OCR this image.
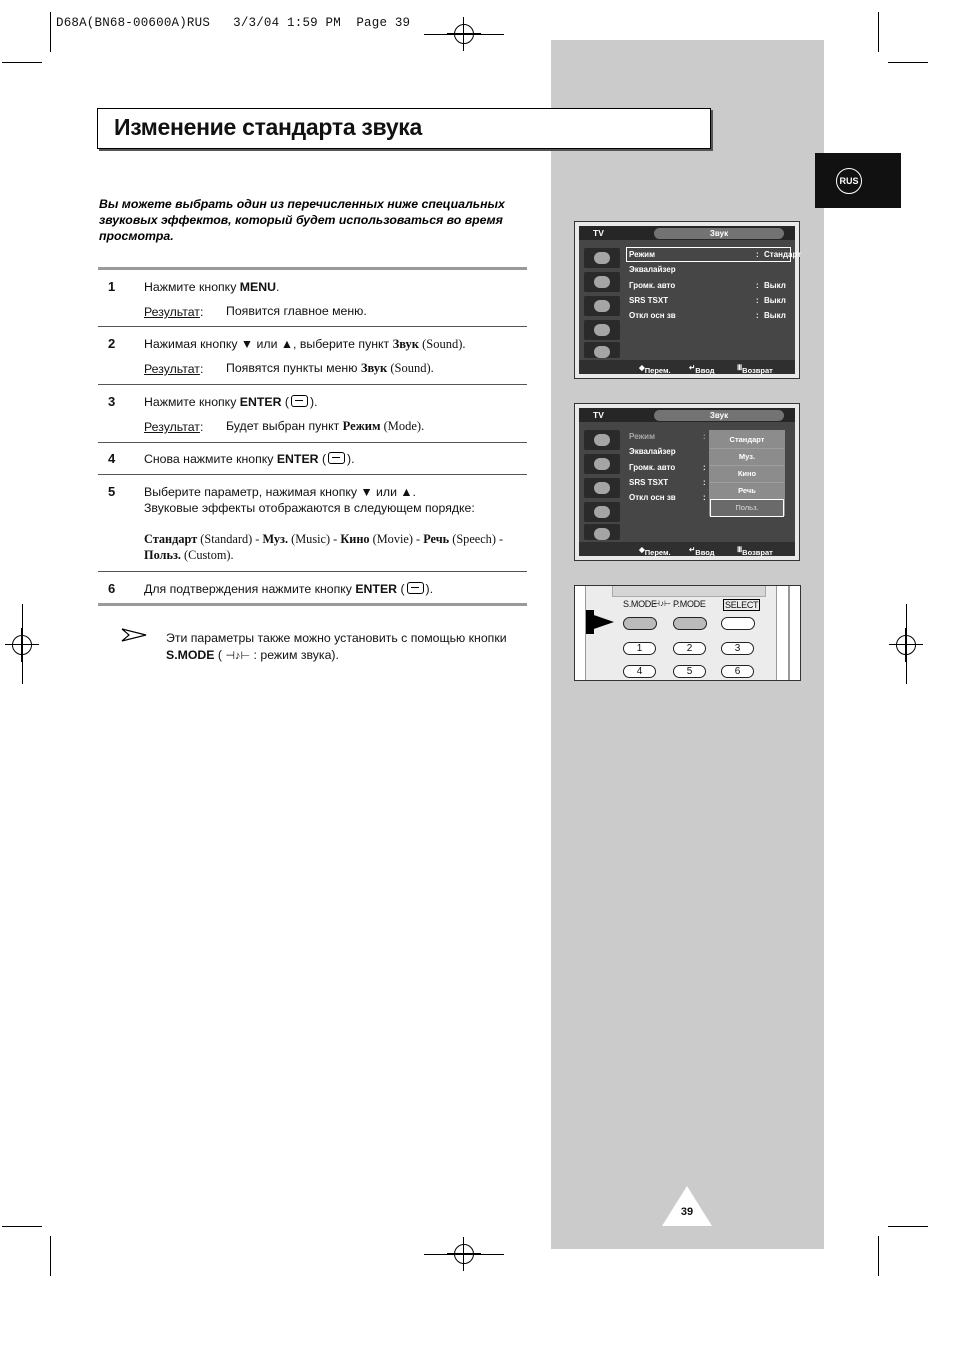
D68A(BN68-00600A)RUS   3/3/04 1:59 PM  Page 39
RUS
Изменение стандарта звука
Вы можете выбрать один из перечисленных ниже специальных звуковых эффектов, который будет использоваться во время просмотра.
1 Нажмите кнопку MENU.
Результат: Появится главное меню.
2 Нажимая кнопку ▼ или ▲, выберите пункт Звук (Sound).
Результат: Появятся пункты меню Звук (Sound).
3 Нажмите кнопку ENTER ( ).
Результат: Будет выбран пункт Режим (Mode).
4 Снова нажмите кнопку ENTER ( ).
5 Выберите параметр, нажимая кнопку ▼ или ▲.
Звуковые эффекты отображаются в следующем порядке:
Стандарт (Standard) - Муз. (Music) - Кино (Movie) - Речь (Speech) - Польз. (Custom).
6 Для подтверждения нажмите кнопку ENTER ( ).
Эти параметры также можно установить с помощью кнопки
S.MODE ( ⊣♪⊢ : режим звука).
TV	Звук
Режим	: Стандарт	▶
Эквалайзер	▶
Громк. авто	: Выкл	▶
SRS TSXT	: Выкл	▶
Откл осн зв	: Выкл	▶
◆ Перем. ↵ Ввод	Ⅲ Возврат
TV	Звук
Режим	:
Эквалайзер
Громк. авто	:
SRS TSXT	:
Откл осн зв	:
Стандарт
Муз.
Кино
Речь
Польз.
◆ Перем. ↵ Ввод	Ⅲ Возврат
S.MODE
⊣♪⊢ P.MODE SELECT
1	2	3
4	5	6
39
